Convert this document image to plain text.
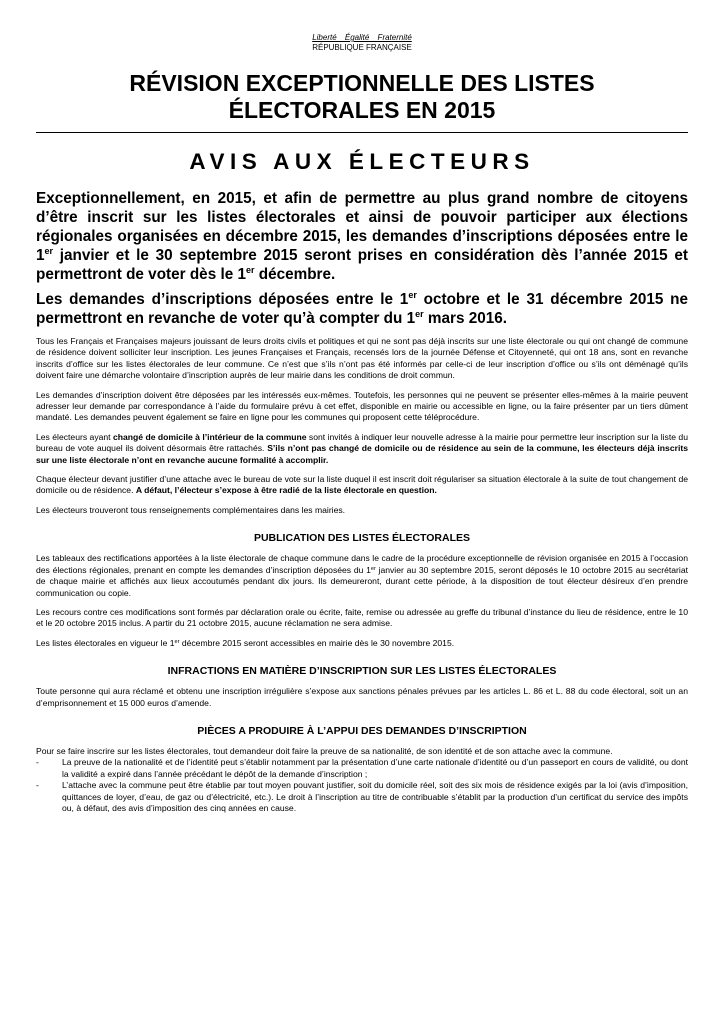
Liberté Égalité Fraternité
RÉPUBLIQUE FRANÇAISE
RÉVISION EXCEPTIONNELLE DES LISTES
ÉLECTORALES EN 2015
AVIS AUX ÉLECTEURS

Exceptionnellement, en 2015, et afin de permettre au plus grand nombre de citoyens d’être inscrit sur les listes électorales et ainsi de pouvoir participer aux élections régionales organisées en décembre 2015, les demandes d’inscriptions déposées entre le 1er janvier et le 30 septembre 2015 seront prises en considération dès l’année 2015 et permettront de voter dès le 1er décembre.

Les demandes d’inscriptions déposées entre le 1er octobre et le 31 décembre 2015 ne permettront en revanche de voter qu’à compter du 1er mars 2016.

Tous les Français et Françaises majeurs jouissant de leurs droits civils et politiques et qui ne sont pas déjà inscrits sur une liste électorale ou qui ont changé de commune de résidence doivent solliciter leur inscription. Les jeunes Françaises et Français, recensés lors de la journée Défense et Citoyenneté, qui ont 18 ans, sont en revanche inscrits d’office sur les listes électorales de leur commune. Ce n’est que s’ils n’ont pas été informés par celle-ci de leur inscription d’office ou s’ils ont déménagé qu’ils doivent faire une démarche volontaire d’inscription auprès de leur mairie dans les conditions de droit commun.

Les demandes d’inscription doivent être déposées par les intéressés eux-mêmes. Toutefois, les personnes qui ne peuvent se présenter elles-mêmes à la mairie peuvent adresser leur demande par correspondance à l’aide du formulaire prévu à cet effet, disponible en mairie ou accessible en ligne, ou la faire présenter par un tiers dûment mandaté. Les demandes peuvent également se faire en ligne pour les communes qui proposent cette téléprocédure.

Les électeurs ayant changé de domicile à l’intérieur de la commune sont invités à indiquer leur nouvelle adresse à la mairie pour permettre leur inscription sur la liste du bureau de vote auquel ils doivent désormais être rattachés. S’ils n’ont pas changé de domicile ou de résidence au sein de la commune, les électeurs déjà inscrits sur une liste électorale n’ont en revanche aucune formalité à accomplir.

Chaque électeur devant justifier d’une attache avec le bureau de vote sur la liste duquel il est inscrit doit régulariser sa situation électorale à la suite de tout changement de domicile ou de résidence. A défaut, l’électeur s’expose à être radié de la liste électorale en question.

Les électeurs trouveront tous renseignements complémentaires dans les mairies.

PUBLICATION DES LISTES ÉLECTORALES

Les tableaux des rectifications apportées à la liste électorale de chaque commune dans le cadre de la procédure exceptionnelle de révision organisée en 2015 à l’occasion des élections régionales, prenant en compte les demandes d’inscription déposées du 1er janvier au 30 septembre 2015, seront déposés le 10 octobre 2015 au secrétariat de chaque mairie et affichés aux lieux accoutumés pendant dix jours. Ils demeureront, durant cette période, à la disposition de tout électeur désireux d’en prendre communication ou copie.

Les recours contre ces modifications sont formés par déclaration orale ou écrite, faite, remise ou adressée au greffe du tribunal d’instance du lieu de résidence, entre le 10 et le 20 octobre 2015 inclus. A partir du 21 octobre 2015, aucune réclamation ne sera admise.

Les listes électorales en vigueur le 1er décembre 2015 seront accessibles en mairie dès le 30 novembre 2015.

INFRACTIONS EN MATIÈRE D’INSCRIPTION SUR LES LISTES ÉLECTORALES

Toute personne qui aura réclamé et obtenu une inscription irrégulière s’expose aux sanctions pénales prévues par les articles L. 86 et L. 88 du code électoral, soit un an d’emprisonnement et 15 000 euros d’amende.

PIÈCES A PRODUIRE À L’APPUI DES DEMANDES D’INSCRIPTION

Pour se faire inscrire sur les listes électorales, tout demandeur doit faire la preuve de sa nationalité, de son identité et de son attache avec la commune.

-	La preuve de la nationalité et de l’identité peut s’établir notamment par la présentation d’une carte nationale d’identité ou d’un passeport en cours de validité, ou dont la validité a expiré dans l’année précédant le dépôt de la demande d’inscription ;
-	L’attache avec la commune peut être établie par tout moyen pouvant justifier, soit du domicile réel, soit des six mois de résidence exigés par la loi (avis d’imposition, quittances de loyer, d’eau, de gaz ou d’électricité, etc.). Le droit à l’inscription au titre de contribuable s’établit par la production d’un certificat du service des impôts ou, à défaut, des avis d’imposition des cinq années en cause.
